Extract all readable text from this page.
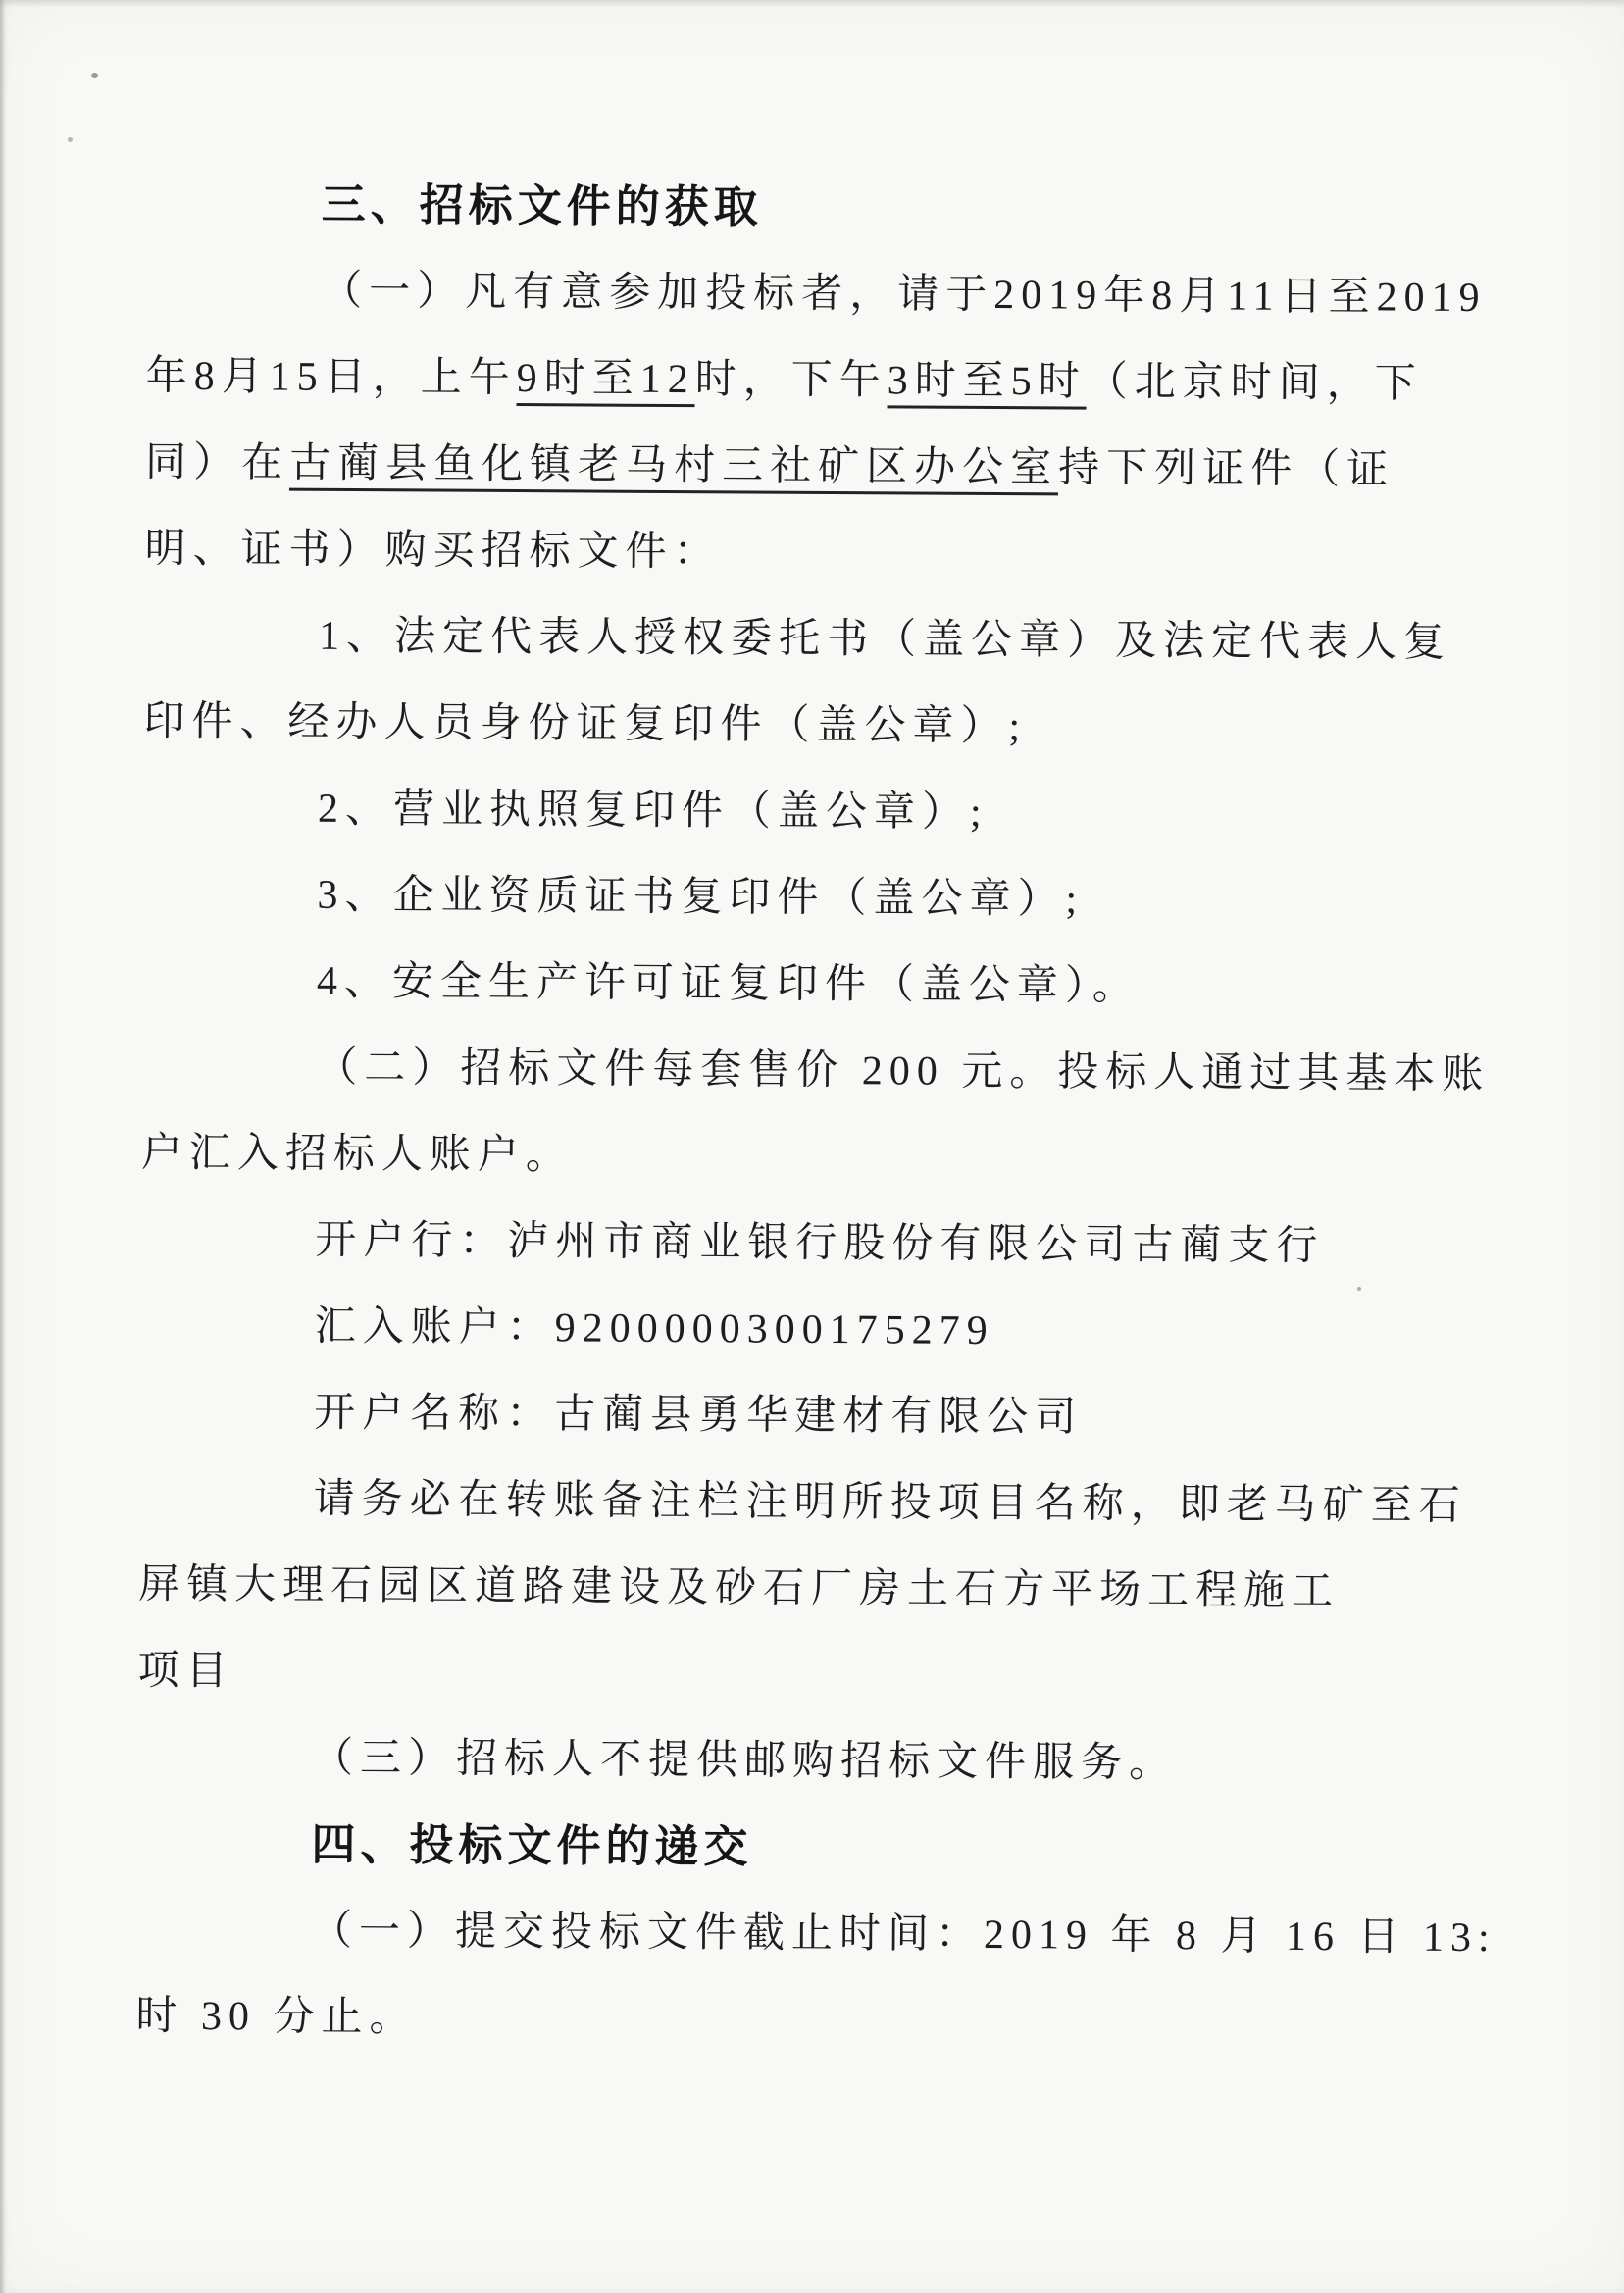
三、招标文件的获取
（一）凡有意参加投标者，请于2019年8月11日至2019
年8月15日，上午9时至12时，下午3时至5时（北京时间，下
同）在古蔺县鱼化镇老马村三社矿区办公室持下列证件（证
明、证书）购买招标文件：
1、法定代表人授权委托书（盖公章）及法定代表人复
印件、经办人员身份证复印件（盖公章）;
2、营业执照复印件（盖公章）;
3、企业资质证书复印件（盖公章）;
4、安全生产许可证复印件（盖公章）。
（二）招标文件每套售价 200 元。投标人通过其基本账
户汇入招标人账户。
开户行：泸州市商业银行股份有限公司古蔺支行
汇入账户：9200000300175279
开户名称：古蔺县勇华建材有限公司
请务必在转账备注栏注明所投项目名称，即老马矿至石
屏镇大理石园区道路建设及砂石厂房土石方平场工程施工
项目
（三）招标人不提供邮购招标文件服务。
四、投标文件的递交
（一）提交投标文件截止时间：2019 年 8 月 16 日 13:
时 30 分止。
